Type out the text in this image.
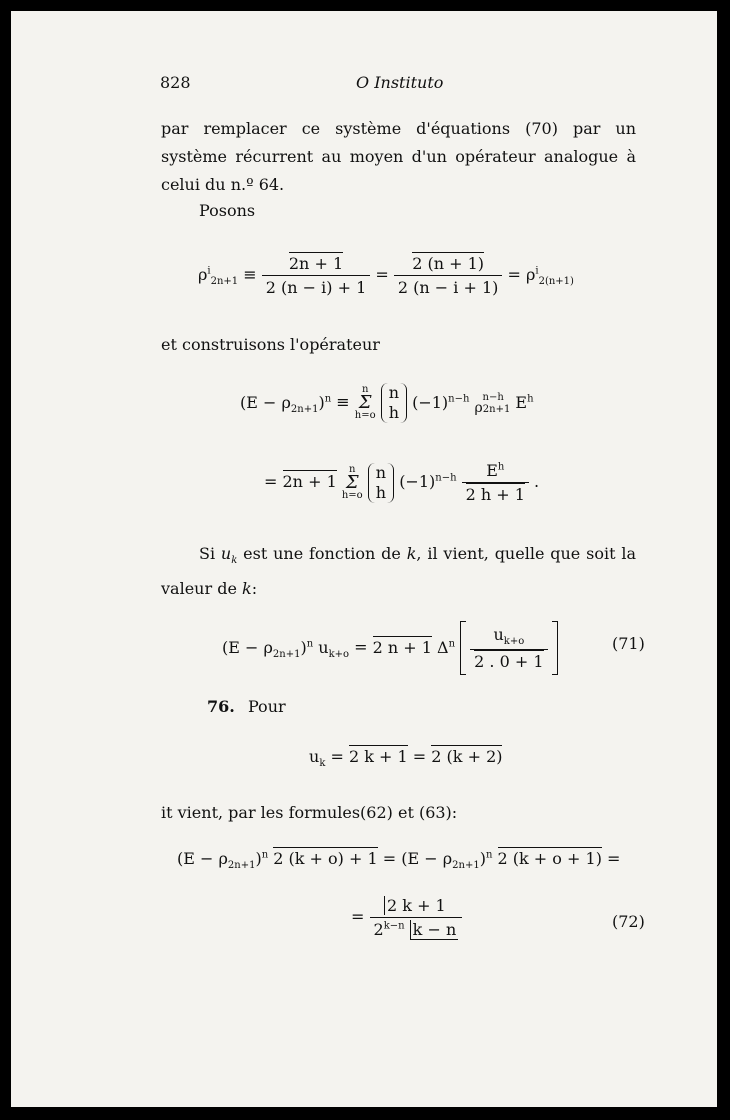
828	O Instituto
par remplacer ce système d'équations (70) par un système récurrent au moyen d'un opérateur analogue à celui du n.º 64.
Posons
$\rho^i_{2n+1} \equiv \frac{2n + 1}{2 (n - i) + 1} = \frac{2 (n + 1)}{2 (n - i + 1)} = \rho^i_{2(n+1)}$
et construisons l'opérateur
$(E - \rho_{2n+1})^n$ ≡
n
Σ
h=o

n
h
$(-1)^{n-h}$	n−h
ρ2n+1 $E^h$
= 2n + 1
n
Σ
h=o

n
h
$(-1)^{n-h} \frac{E^h}{2 h + 1}$ .
Si $u_k$ est une fonction de k, il vient, quelle que soit la valeur de k:
$(E - \rho_{2n+1})^n$ $u_{k+o} = 2$ n + 1 $\Delta^n \frac{u_{k+o}}{2 . 0 + 1}$	(71)
76. Pour
$u_k = 2$ k + 1 = 2 (k + 2)
it vient, par les formules(62) et (63):
$(E - \rho_{2n+1})^n$ 2 $(k + o) + 1 = (E - \rho_{2n+1})^n$ 2 (k + o + 1) =
= $\frac{2 k + 1}{2^{k-n} k - n}$	(72)
